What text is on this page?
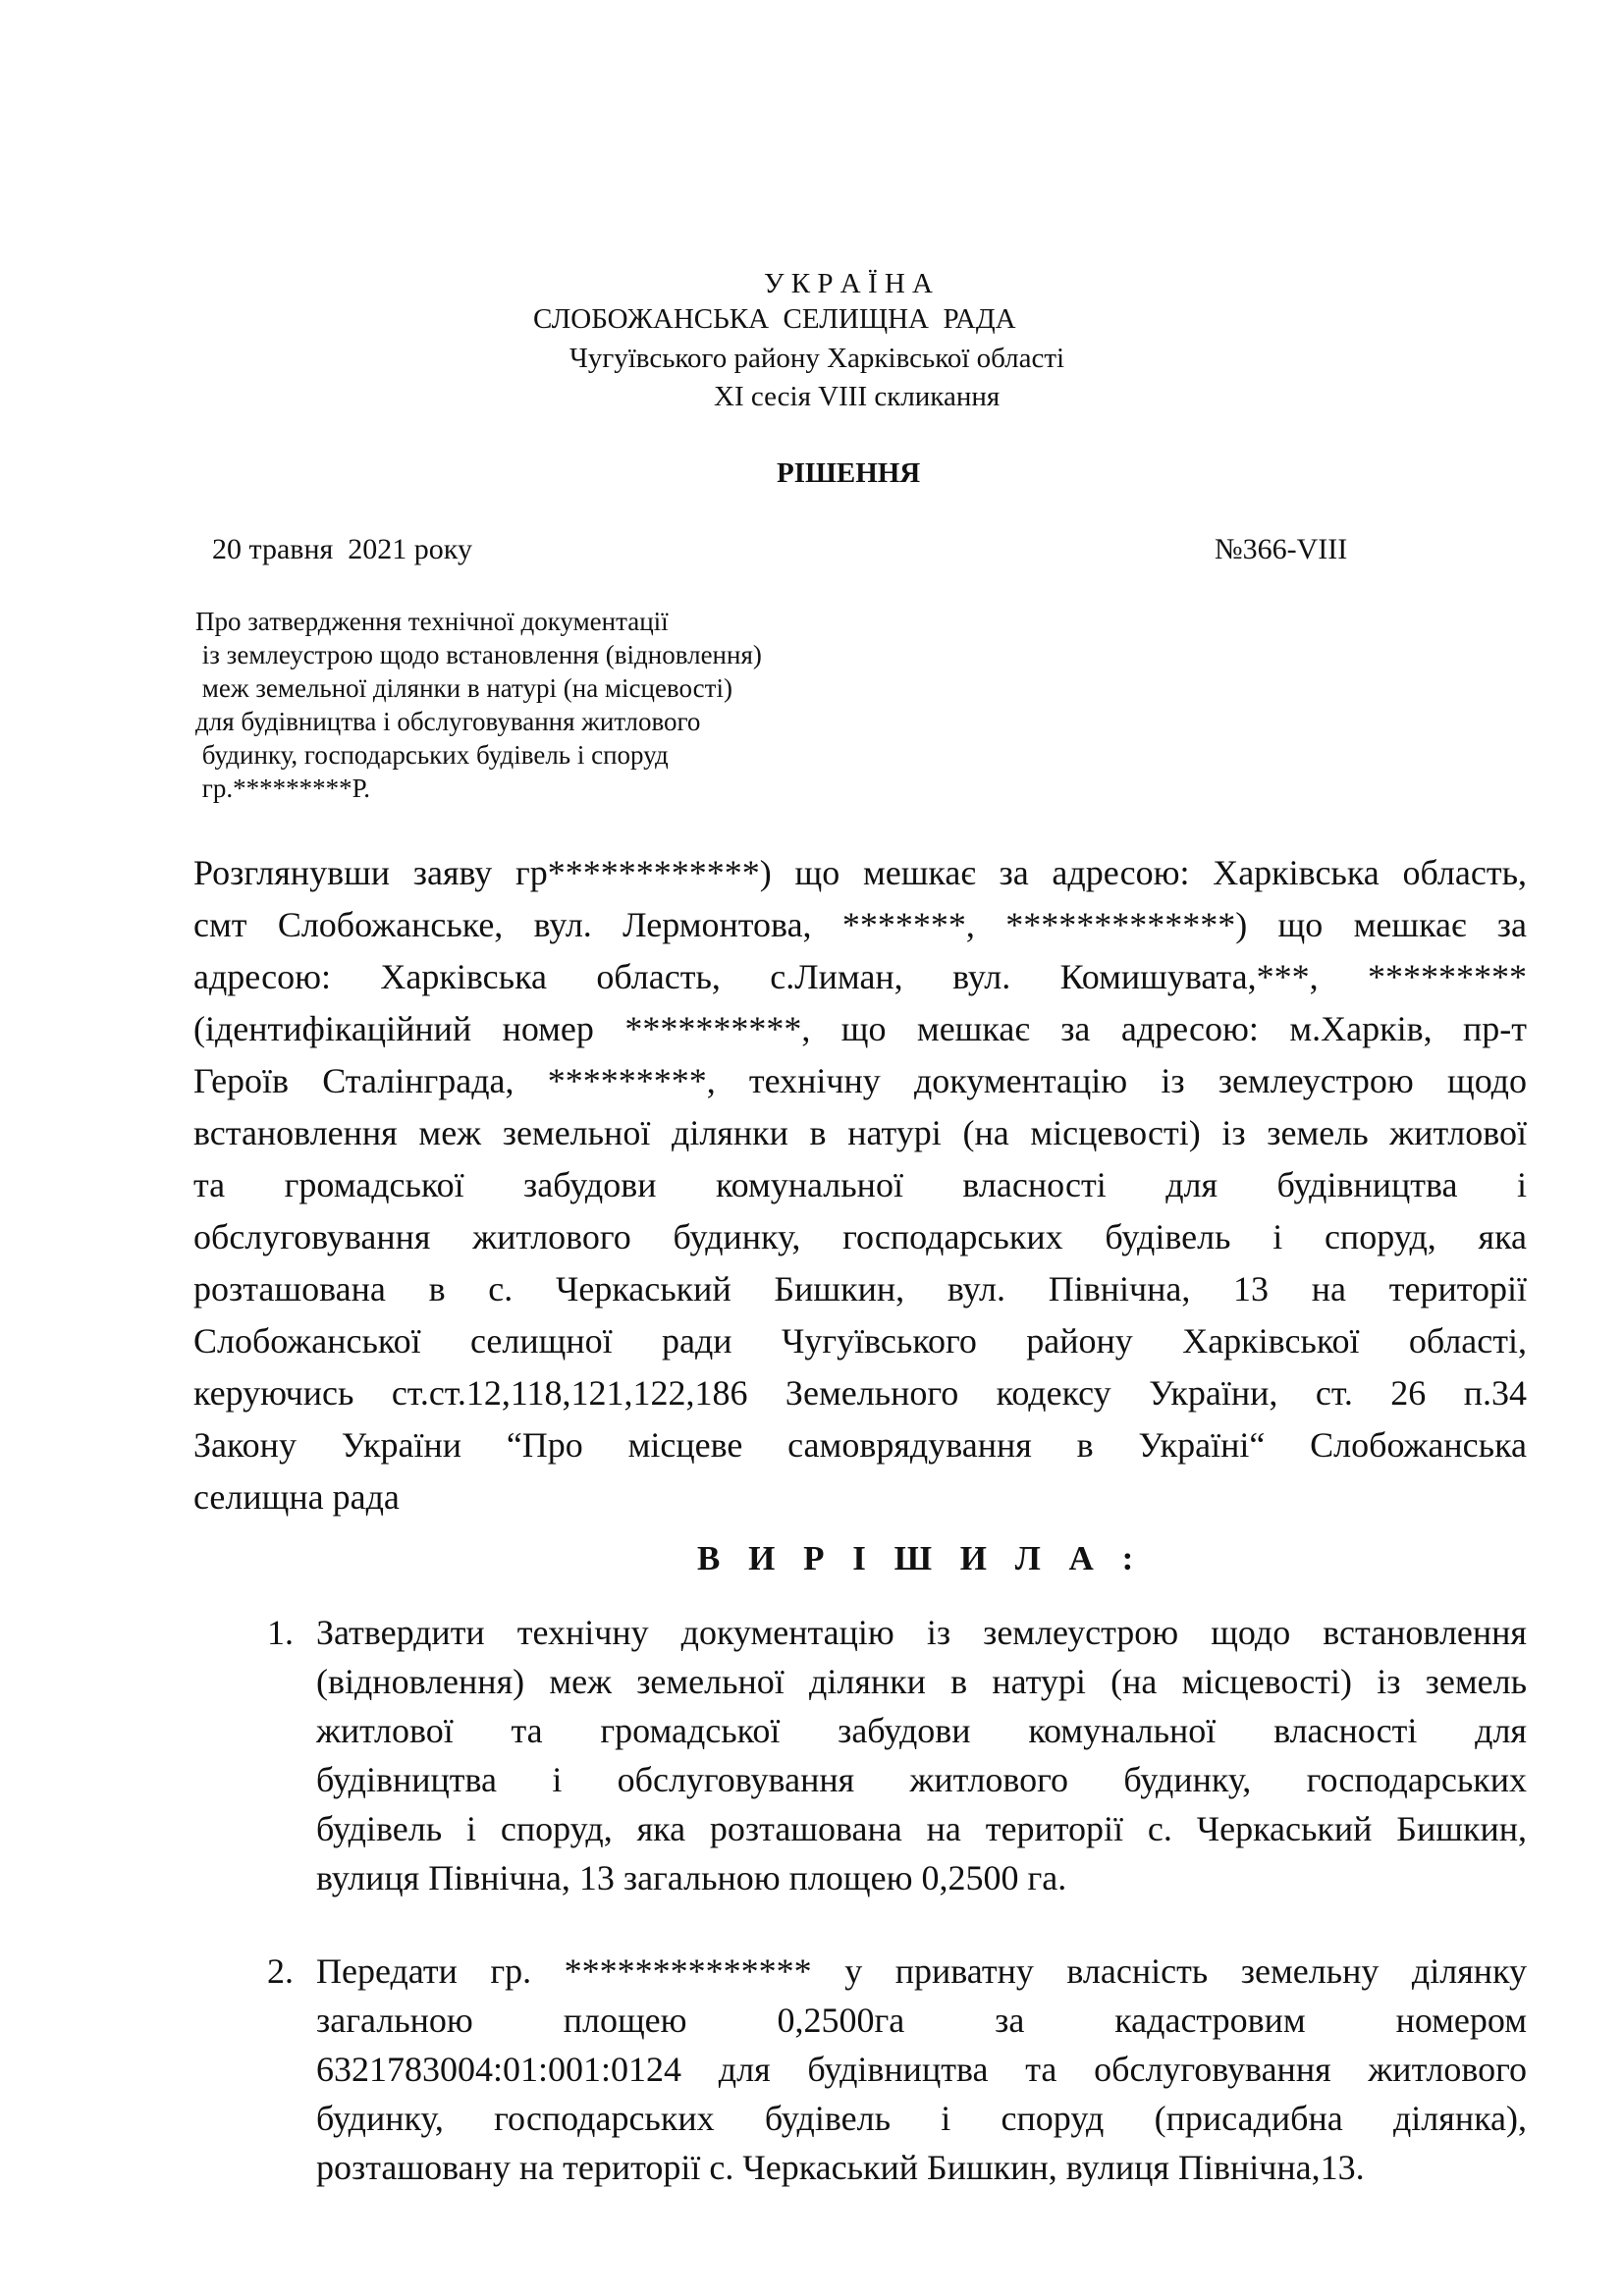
У К Р А Ї Н А
СЛОБОЖАНСЬКА  СЕЛИЩНА  РАДА
Чугуївського району Харківської області
ХІ сесія VІІІ скликання
РІШЕННЯ
20 травня  2021 року	№366-VІІІ
Про затвердження технічної документації
із землеустрою щодо встановлення (відновлення)
меж земельної ділянки в натурі (на місцевості)
для будівництва і обслуговування житлового
будинку, господарських будівель і споруд
гр.*********Р.
Розглянувши заяву гр************) що мешкає за адресою: Харківська область,
смт Слобожанське, вул. Лермонтова, *******, *************) що мешкає за
адресою: Харківська область, с.Лиман, вул. Комишувата,***, *********
(ідентифікаційний номер **********, що мешкає за адресою: м.Харків, пр-т
Героїв Сталінграда, *********, технічну документацію із землеустрою щодо
встановлення меж земельної ділянки в натурі (на місцевості) із земель житлової
та громадської забудови комунальної власності для будівництва і
обслуговування житлового будинку, господарських будівель і споруд, яка
розташована в с. Черкаський Бишкин, вул. Північна, 13 на території
Слобожанської селищної ради Чугуївського району Харківської області,
керуючись ст.ст.12,118,121,122,186 Земельного кодексу України, ст. 26 п.34
Закону України “Про місцеве самоврядування в Україні“ Слобожанська
селищна рада
В И Р І Ш И Л А :
1. Затвердити технічну документацію із землеустрою щодо встановлення
(відновлення) меж земельної ділянки в натурі (на місцевості) із земель
житлової та громадської забудови комунальної власності для
будівництва і обслуговування житлового будинку, господарських
будівель і споруд, яка розташована на території с. Черкаський Бишкин,
вулиця Північна, 13 загальною площею 0,2500 га.
2. Передати гр. ************** у приватну власність земельну ділянку
загальною площею 0,2500га за кадастровим номером
6321783004:01:001:0124 для будівництва та обслуговування житлового
будинку, господарських будівель і споруд (присадибна ділянка),
розташовану на території с. Черкаський Бишкин, вулиця Північна,13.
